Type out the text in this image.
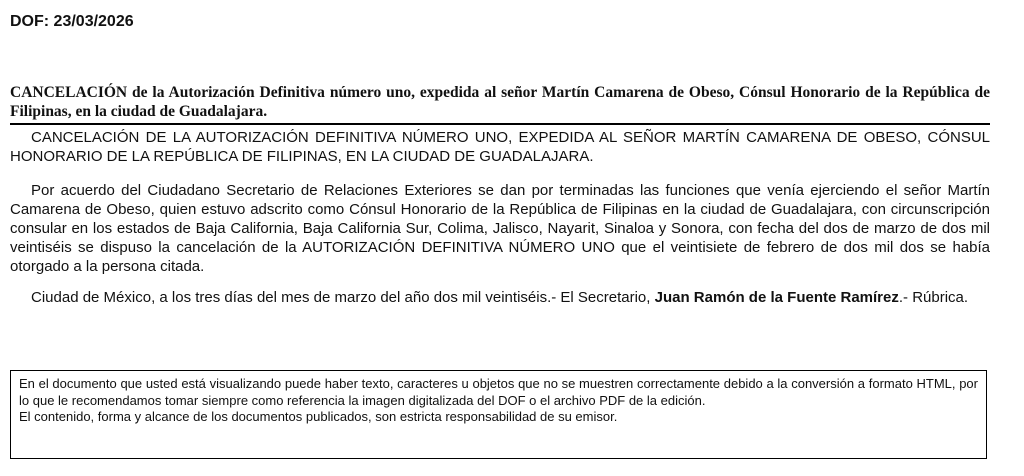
DOF: 23/03/2026
CANCELACIÓN de la Autorización Definitiva número uno, expedida al señor Martín Camarena de Obeso, Cónsul Honorario de la República de Filipinas, en la ciudad de Guadalajara.

CANCELACIÓN DE LA AUTORIZACIÓN DEFINITIVA NÚMERO UNO, EXPEDIDA AL SEÑOR MARTÍN CAMARENA DE OBESO, CÓNSUL HONORARIO DE LA REPÚBLICA DE FILIPINAS, EN LA CIUDAD DE GUADALAJARA.

Por acuerdo del Ciudadano Secretario de Relaciones Exteriores se dan por terminadas las funciones que venía ejerciendo el señor Martín Camarena de Obeso, quien estuvo adscrito como Cónsul Honorario de la República de Filipinas en la ciudad de Guadalajara, con circunscripción consular en los estados de Baja California, Baja California Sur, Colima, Jalisco, Nayarit, Sinaloa y Sonora, con fecha del dos de marzo de dos mil veintiséis se dispuso la cancelación de la AUTORIZACIÓN DEFINITIVA NÚMERO UNO que el veintisiete de febrero de dos mil dos se había otorgado a la persona citada.

Ciudad de México, a los tres días del mes de marzo del año dos mil veintiséis.- El Secretario, Juan Ramón de la Fuente Ramírez.- Rúbrica.

En el documento que usted está visualizando puede haber texto, caracteres u objetos que no se muestren correctamente debido a la conversión a formato HTML, por lo que le recomendamos tomar siempre como referencia la imagen digitalizada del DOF o el archivo PDF de la edición.

El contenido, forma y alcance de los documentos publicados, son estricta responsabilidad de su emisor.
